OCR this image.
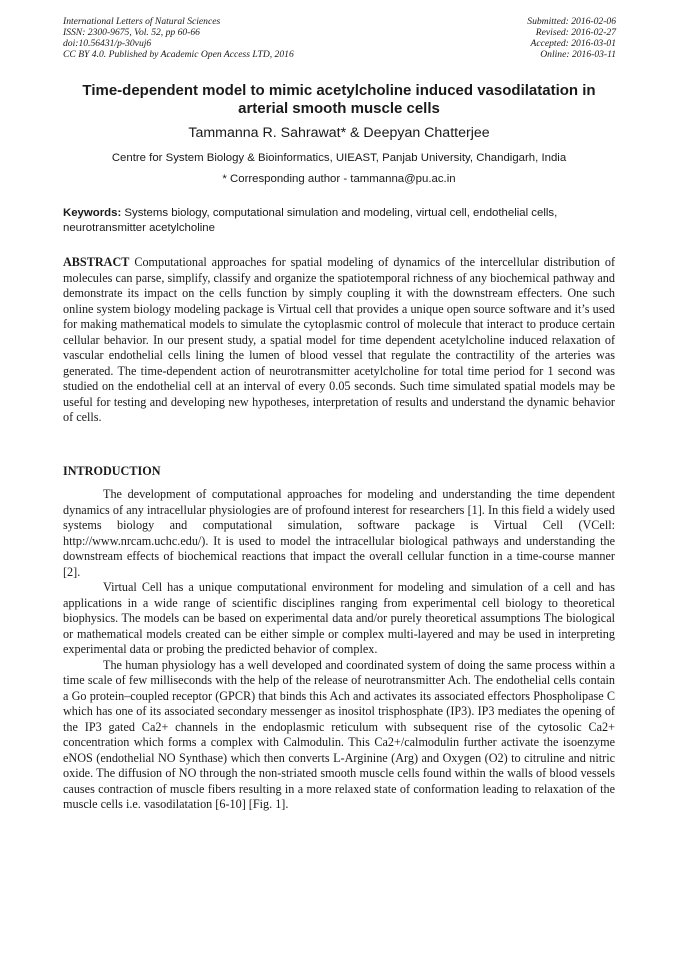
International Letters of Natural Sciences
ISSN: 2300-9675, Vol. 52, pp 60-66
doi:10.56431/p-30vuj6
CC BY 4.0. Published by Academic Open Access LTD, 2016
Submitted: 2016-02-06
Revised: 2016-02-27
Accepted: 2016-03-01
Online: 2016-03-11
Time-dependent model to mimic acetylcholine induced vasodilatation in
arterial smooth muscle cells
Tammanna R. Sahrawat* & Deepyan Chatterjee
Centre for System Biology & Bioinformatics, UIEAST, Panjab University, Chandigarh, India
* Corresponding author - tammanna@pu.ac.in
Keywords: Systems biology, computational simulation and modeling, virtual cell, endothelial cells, neurotransmitter acetylcholine
ABSTRACT Computational approaches for spatial modeling of dynamics of the intercellular distribution of molecules can parse, simplify, classify and organize the spatiotemporal richness of any biochemical pathway and demonstrate its impact on the cells function by simply coupling it with the downstream effecters. One such online system biology modeling package is Virtual cell that provides a unique open source software and it’s used for making mathematical models to simulate the cytoplasmic control of molecule that interact to produce certain cellular behavior. In our present study, a spatial model for time dependent acetylcholine induced relaxation of vascular endothelial cells lining the lumen of blood vessel that regulate the contractility of the arteries was generated. The time-dependent action of neurotransmitter acetylcholine for total time period for 1 second was studied on the endothelial cell at an interval of every 0.05 seconds. Such time simulated spatial models may be useful for testing and developing new hypotheses, interpretation of results and understand the dynamic behavior of cells.
INTRODUCTION

The development of computational approaches for modeling and understanding the time dependent dynamics of any intracellular physiologies are of profound interest for researchers [1]. In this field a widely used systems biology and computational simulation, software package is Virtual Cell (VCell: http://www.nrcam.uchc.edu/). It is used to model the intracellular biological pathways and understanding the downstream effects of biochemical reactions that impact the overall cellular function in a time-course manner [2].

Virtual Cell has a unique computational environment for modeling and simulation of a cell and has applications in a wide range of scientific disciplines ranging from experimental cell biology to theoretical biophysics. The models can be based on experimental data and/or purely theoretical assumptions The biological or mathematical models created can be either simple or complex multi-layered and may be used in interpreting experimental data or probing the predicted behavior of complex.

The human physiology has a well developed and coordinated system of doing the same process within a time scale of few milliseconds with the help of the release of neurotransmitter Ach. The endothelial cells contain a Go protein–coupled receptor (GPCR) that binds this Ach and activates its associated effectors Phospholipase C which has one of its associated secondary messenger as inositol trisphosphate (IP3). IP3 mediates the opening of the IP3 gated Ca2+ channels in the endoplasmic reticulum with subsequent rise of the cytosolic Ca2+ concentration which forms a complex with Calmodulin. This Ca2+/calmodulin further activate the isoenzyme eNOS (endothelial NO Synthase) which then converts L-Arginine (Arg) and Oxygen (O2) to citruline and nitric oxide. The diffusion of NO through the non-striated smooth muscle cells found within the walls of blood vessels causes contraction of muscle fibers resulting in a more relaxed state of conformation leading to relaxation of the muscle cells i.e. vasodilatation [6-10] [Fig. 1].
